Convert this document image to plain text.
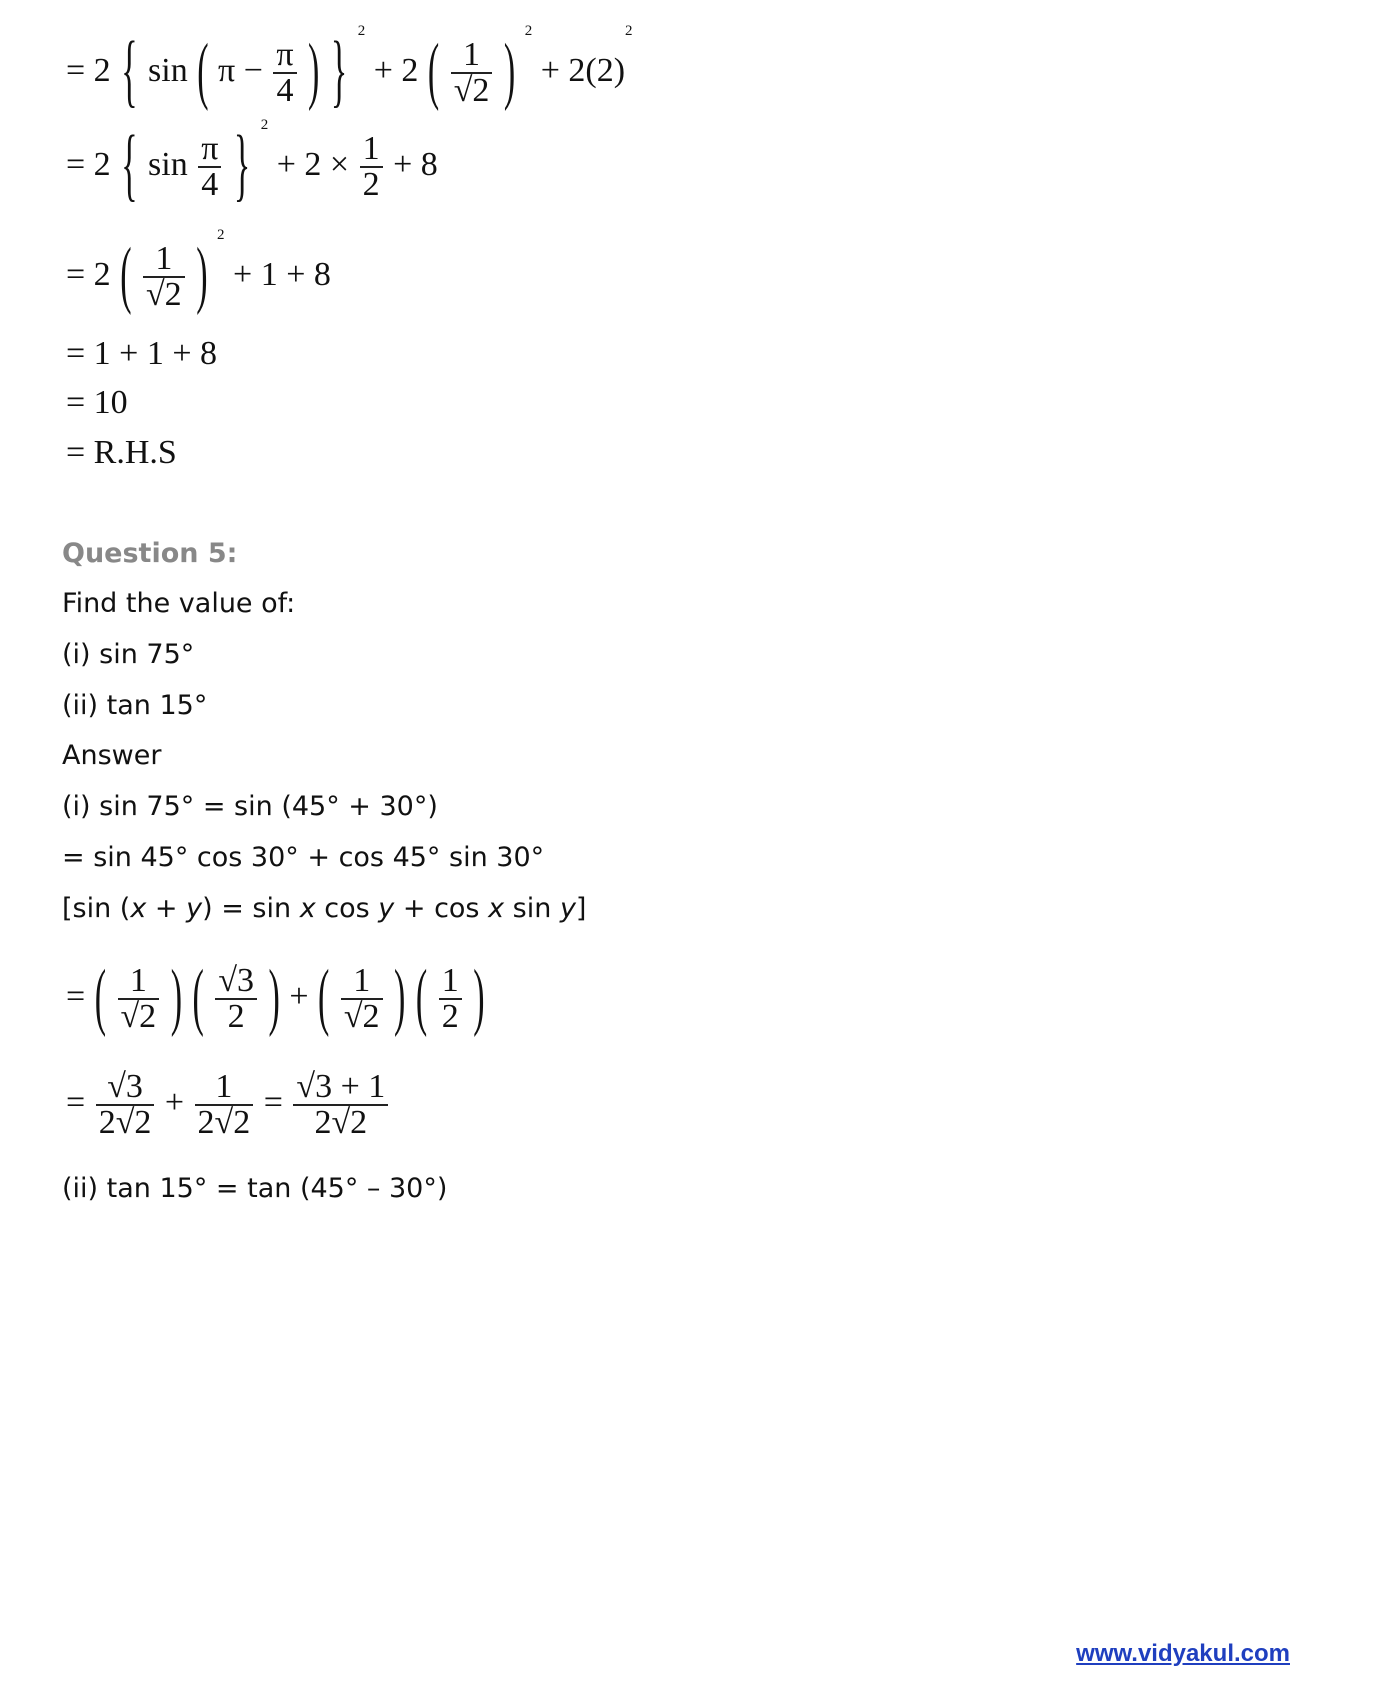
= 2 { sin ( $\pi - \frac{\pi}{4}$ ) } $^2$ + 2 ( $\frac{1}{√2}$ ) $^2 + 2(2)^2$
= 2 { $\sin \frac{\pi}{4}$ } $^2 + 2 \times \frac{1}{2} + 8$
= 2 ( $\frac{1}{√2}$ ) $^2$ + 1 + 8
= 1 + 1 + 8
= 10
= R.H.S
Question 5:
Find the value of:
(i) sin 75°
(ii) tan 15°
Answer
(i) sin 75° = sin (45° + 30°)
= sin 45° cos 30° + cos 45° sin 30°
[sin (x + y) = sin x cos y + cos x sin y]
= ( $\frac{1}{√2}$ ) ( $\frac{√3}{2}$ ) + ( $\frac{1}{√2}$ ) ( $\frac{1}{2}$ )
= $\frac{√3}{2√2} + \frac{1}{2√2} = \frac{√3 + 1}{2√2}$
(ii) tan 15° = tan (45° – 30°)
www.vidyakul.com
